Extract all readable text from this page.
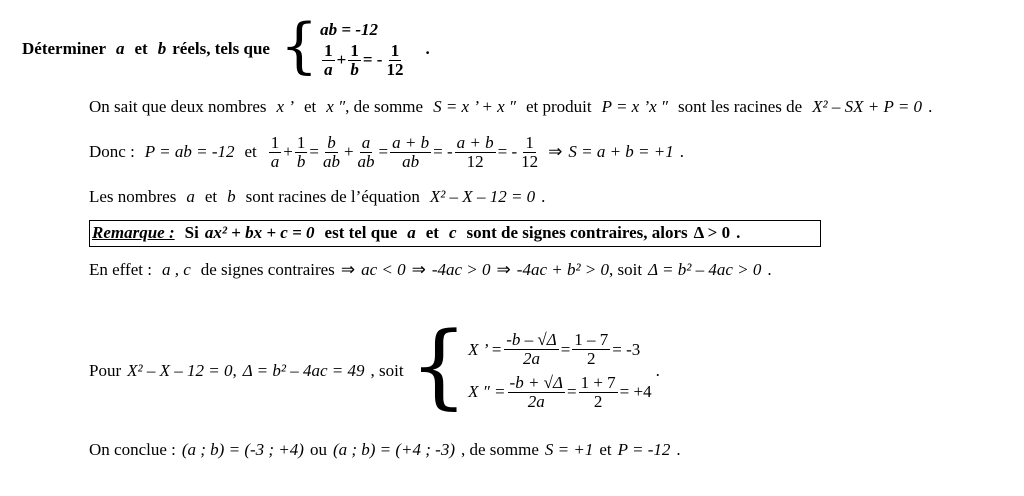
Déterminer a et b réels, tels que { ab = -12
$\frac{1}{a} + \frac{1}{b}$ = - $\frac{1}{12}$ .
On sait que deux nombres x ’ et x ″ , de somme S = x ’ + x ″ et produit P = x ’x ″ sont les racines de X² – SX + P = 0 .
Donc : P = ab = -12 et $\frac{1}{a} + \frac{1}{b} = \frac{b}{ab} + \frac{a}{ab} = \frac{a + b}{ab}$ = - $\frac{a + b}{12}$ = - $\frac{1}{12}$ ⇒ S = a + b = +1 .
Les nombres a et b sont racines de l’équation X² – X – 12 = 0 .
Remarque : Si ax² + bx + c = 0 est tel que a et c sont de signes contraires, alors Δ > 0 .
En effet : a , c de signes contraires ⇒ ac < 0 ⇒ -4ac > 0 ⇒ -4ac + b² > 0 , soit Δ = b² – 4ac > 0 .
Pour X² – X – 12 = 0 , Δ = b² – 4ac = 49 , soit { X ’ = $\frac{-b - √\Delta}{2a} = \frac{1 - 7}{2} = -3$
X ″ = $\frac{-b + √\Delta}{2a} = \frac{1 + 7}{2} = +4$
.
On conclue : (a ; b) = (-3 ; +4) ou (a ; b) = (+4 ; -3) , de somme S = +1 et P = -12 .
